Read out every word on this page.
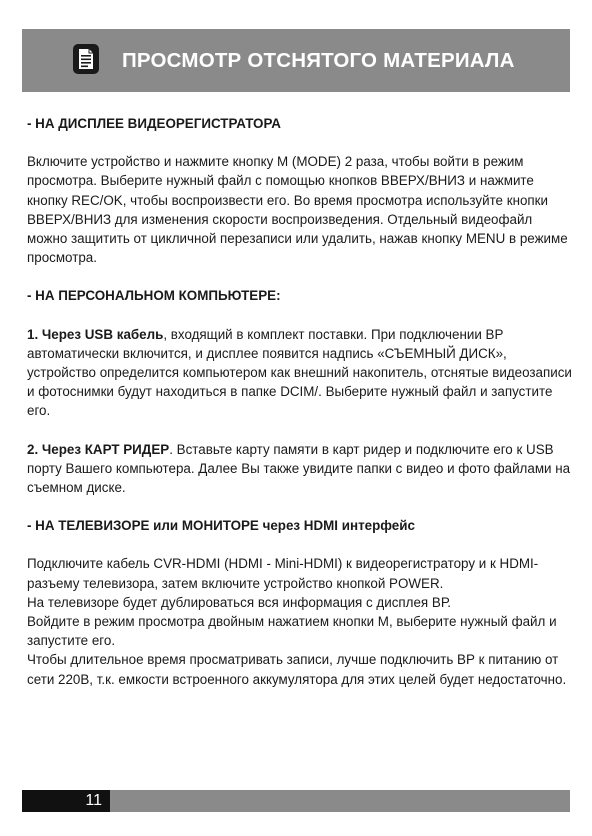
ПРОСМОТР ОТСНЯТОГО МАТЕРИАЛА

- НА ДИСПЛЕЕ ВИДЕОРЕГИСТРАТОРА

Включите устройство и нажмите кнопку M (MODE) 2 раза, чтобы войти в режим просмотра. Выберите нужный файл с помощью кнопков ВВЕРХ/ВНИЗ и нажмите кнопку REC/OK, чтобы воспроизвести его. Во время просмотра используйте кнопки ВВЕРХ/ВНИЗ для изменения скорости воспроизведения. Отдельный видеофайл можно защитить от цикличной перезаписи или удалить, нажав кнопку MENU в режиме просмотра.

- НА ПЕРСОНАЛЬНОМ КОМПЬЮТЕРЕ:

1. Через USB кабель, входящий в комплект поставки. При подключении ВР автоматически включится, и дисплее появится надпись «СЪЕМНЫЙ ДИСК», устройство определится компьютером как внешний накопитель, отснятые видеозаписи и фотоснимки будут находиться в папке DCIM/. Выберите нужный файл и запустите его.

2. Через КАРТ РИДЕР. Вставьте карту памяти в карт ридер и подключите его к USB порту Вашего компьютера. Далее Вы также увидите папки с видео и фото файлами на съемном диске.

- НА ТЕЛЕВИЗОРЕ или МОНИТОРЕ через HDMI интерфейс

Подключите кабель CVR-HDMI (HDMI - Mini-HDMI) к видеорегистратору и к HDMI-разъему телевизора, затем включите устройство кнопкой POWER.

На телевизоре будет дублироваться вся информация с дисплея ВР.

Войдите в режим просмотра двойным нажатием кнопки M, выберите нужный файл и запустите его.

Чтобы длительное время просматривать записи, лучше подключить ВР к питанию от сети 220В, т.к. емкости встроенного аккумулятора для этих целей будет недостаточно.

11
